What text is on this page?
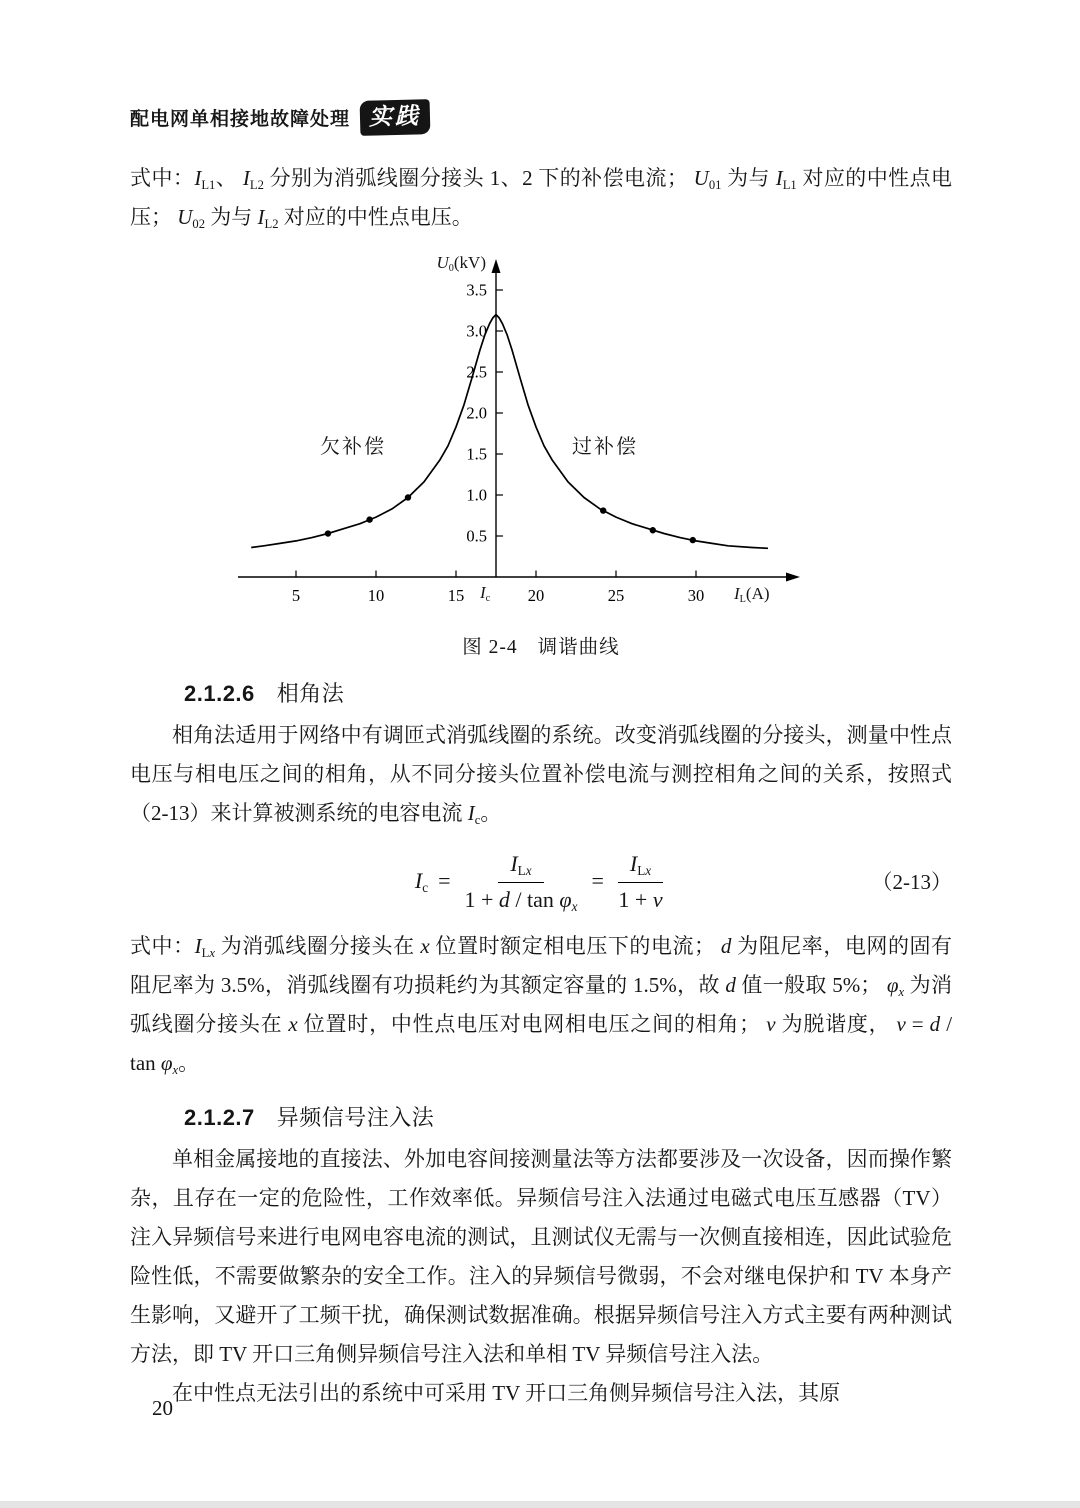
配电网单相接地故障处理 实践

式中：$I_{L1}$、 $I_{L2}$ 分别为消弧线圈分接头 1、2 下的补偿电流； $U_{01}$ 为与 $I_{L1}$ 对应的中性点电压； $U_{02}$ 为与 $I_{L2}$ 对应的中性点电压。

5	10	15	20	25	30
0.5
1.0
1.5
2.0
2.5
3.0
3.5
$U_0(kV)$
$I_c$	$I_L(A)$
欠补偿	过补偿
图 2-4 调谐曲线
2.1.2.6 相角法

相角法适用于网络中有调匝式消弧线圈的系统。改变消弧线圈的分接头，测量中性点电压与相电压之间的相角，从不同分接头位置补偿电流与测控相角之间的关系，按照式（2-13）来计算被测系统的电容电流 $I_c$。

$I_c = \frac{I_{Lx}}{1 + d / \tan \varphi_x} = \frac{I_{Lx}}{1 + v}$	（2-13）

式中：$I_{Lx}$ 为消弧线圈分接头在 x 位置时额定相电压下的电流； d 为阻尼率，电网的固有阻尼率为 3.5%，消弧线圈有功损耗约为其额定容量的 1.5%，故 d 值一般取 5%； $\varphi_x$ 为消弧线圈分接头在 x 位置时，中性点电压对电网相电压之间的相角； v 为脱谐度， $v = d / \tan \varphi_x$。

2.1.2.7 异频信号注入法

单相金属接地的直接法、外加电容间接测量法等方法都要涉及一次设备，因而操作繁杂，且存在一定的危险性，工作效率低。异频信号注入法通过电磁式电压互感器（TV）注入异频信号来进行电网电容电流的测试，且测试仪无需与一次侧直接相连，因此试验危险性低，不需要做繁杂的安全工作。注入的异频信号微弱，不会对继电保护和 TV 本身产生影响，又避开了工频干扰，确保测试数据准确。根据异频信号注入方式主要有两种测试方法，即 TV 开口三角侧异频信号注入法和单相 TV 异频信号注入法。

在中性点无法引出的系统中可采用 TV 开口三角侧异频信号注入法，其原

20
